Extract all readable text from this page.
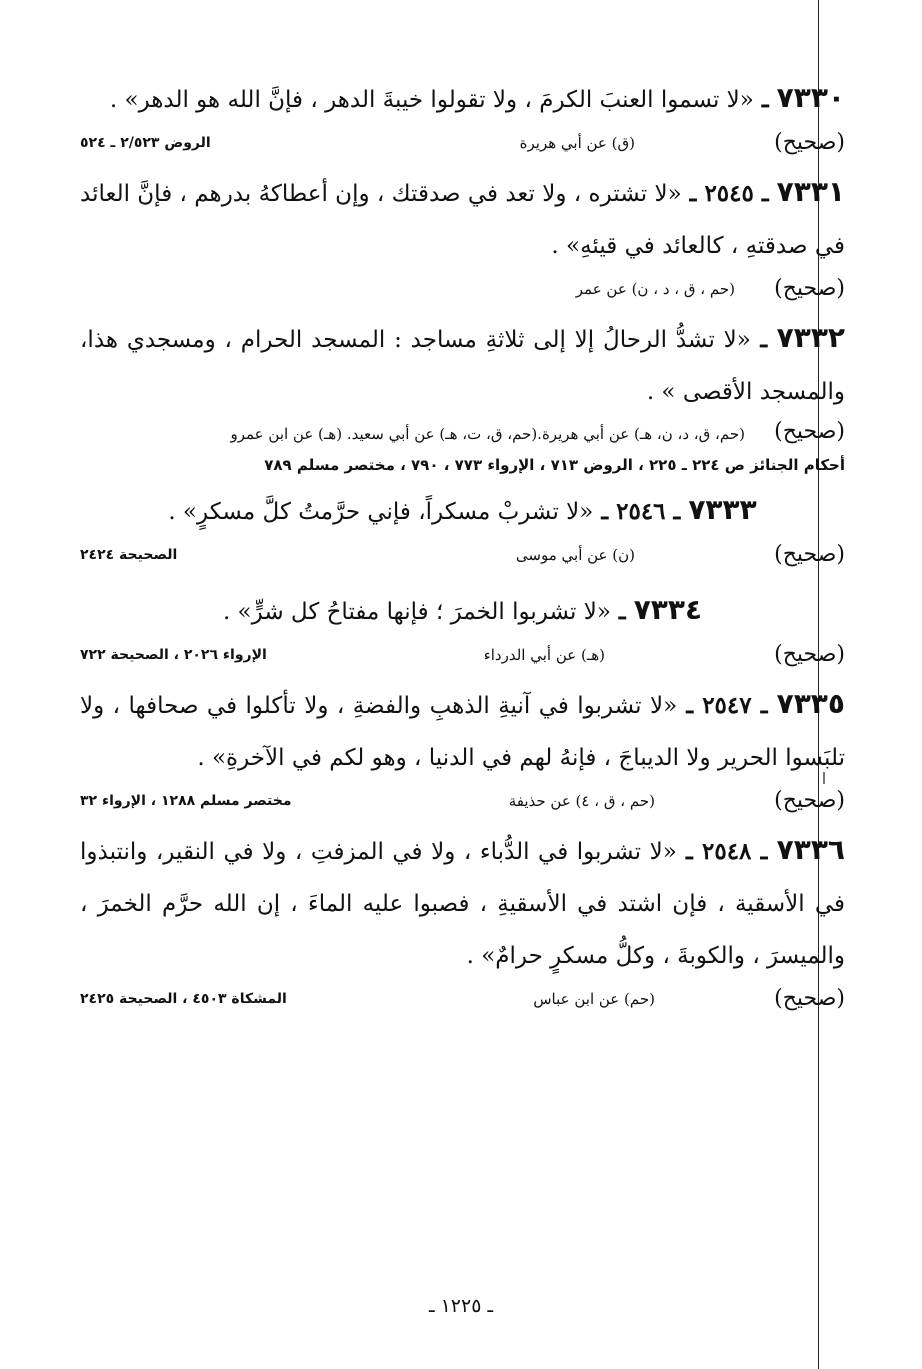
٧٣٣٠ ـ «لا تسموا العنبَ الكرمَ ، ولا تقولوا خيبةَ الدهر ، فإنَّ الله هو الدهر» .

(صحيح)
(ق) عن أبي هريرة
الروض ٢/٥٢٣ ـ ٥٢٤

٧٣٣١ ـ ٢٥٤٥ ـ «لا تشتره ، ولا تعد في صدقتك ، وإن أعطاكهُ بدرهم ، فإنَّ العائد في صدقتهِ ، كالعائد في قيئهِ» .

(صحيح)
(حم ، ق ، د ، ن) عن عمر

٧٣٣٢ ـ «لا تشدُّ الرحالُ إلا إلى ثلاثةِ مساجد : المسجد الحرام ، ومسجدي هذا، والمسجد الأقصى » .

(صحيح)
(حم، ق، د، ن، هـ) عن أبي هريرة.(حم، ق، ت، هـ) عن أبي سعيد. (هـ) عن ابن عمرو
أحكام الجنائز ص ٢٢٤ ـ ٢٢٥ ، الروض ٧١٣ ، الإرواء ٧٧٣ ، ٧٩٠ ، مختصر مسلم ٧٨٩

٧٣٣٣ ـ ٢٥٤٦ ـ «لا تشربْ مسكراً، فإني حرَّمتُ كلَّ مسكرٍ» .

(صحيح)
(ن) عن أبي موسى
الصحيحة ٢٤٢٤

٧٣٣٤ ـ «لا تشربوا الخمرَ ؛ فإنها مفتاحُ كل شرٍّ» .

(صحيح)
(هـ) عن أبي الدرداء
الإرواء ٢٠٢٦ ، الصحيحة ٧٢٢

٧٣٣٥ ـ ٢٥٤٧ ـ «لا تشربوا في آنيةِ الذهبِ والفضةِ ، ولا تأكلوا في صحافها ، ولا تلبَسوا الحرير ولا الديباجَ ، فإنهُ لهم في الدنيا ، وهو لكم في الآخرةِ» .

(صحيح)
(حم ، ق ، ٤) عن حذيفة
مختصر مسلم ١٢٨٨ ، الإرواء ٣٢

٧٣٣٦ ـ ٢٥٤٨ ـ «لا تشربوا في الدُّباء ، ولا في المزفتِ ، ولا في النقير، وانتبذوا في الأسقية ، فإن اشتد في الأسقيةِ ، فصبوا عليه الماءَ ، إن الله حرَّم الخمرَ ، والميسرَ ، والكوبةَ ، وكلُّ مسكرٍ حرامٌ» .

(صحيح)
(حم) عن ابن عباس
المشكاة ٤٥٠٣ ، الصحيحة ٢٤٢٥
ـ ١٢٢٥ ـ
